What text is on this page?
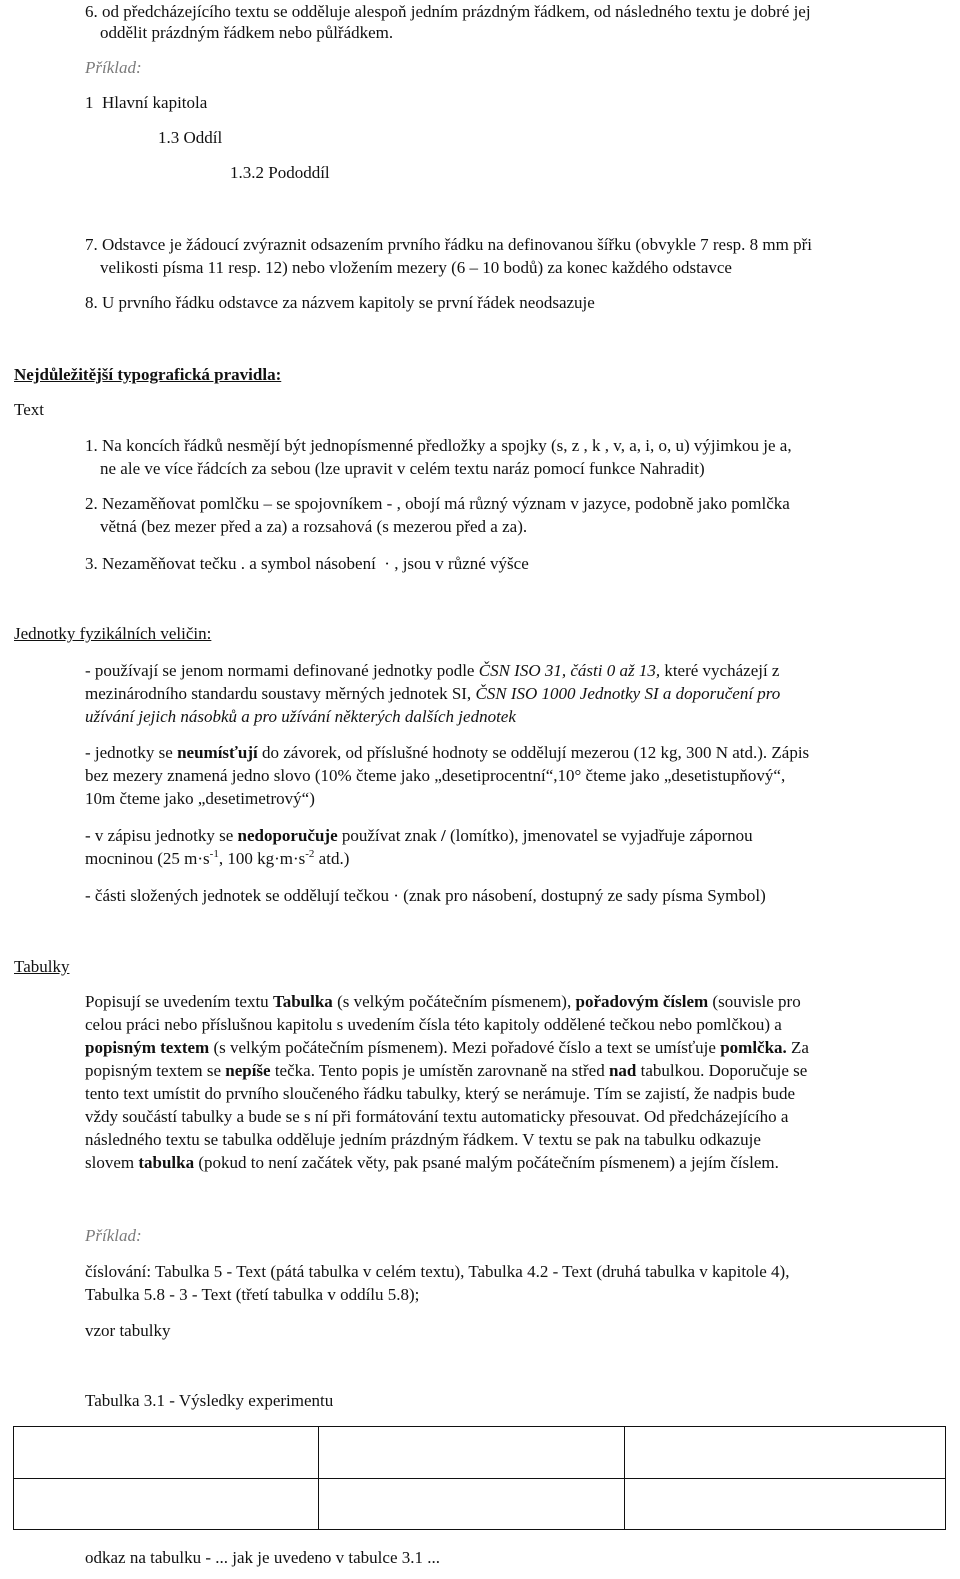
6. od předcházejícího textu se odděluje alespoň jedním prázdným řádkem, od následného textu je dobré jej

oddělit prázdným řádkem nebo půlřádkem.

Příklad:

1  Hlavní kapitola

1.3 Oddíl

1.3.2 Pododdíl

7. Odstavce je žádoucí zvýraznit odsazením prvního řádku na definovanou šířku (obvykle 7 resp. 8 mm při

velikosti písma 11 resp. 12) nebo vložením mezery (6 – 10 bodů) za konec každého odstavce

8. U prvního řádku odstavce za názvem kapitoly se první řádek neodsazuje

Nejdůležitější typografická pravidla:

Text

1. Na koncích řádků nesmějí být jednopísmenné předložky a spojky (s, z , k , v, a, i, o, u) výjimkou je a,

ne ale ve více řádcích za sebou (lze upravit v celém textu naráz pomocí funkce Nahradit)

2. Nezaměňovat pomlčku – se spojovníkem - , obojí má různý význam v jazyce, podobně jako pomlčka

větná (bez mezer před a za) a rozsahová (s mezerou před a za).

3. Nezaměňovat tečku . a symbol násobení  · , jsou v různé výšce

Jednotky fyzikálních veličin:

- používají se jenom normami definované jednotky podle ČSN ISO 31, části 0 až 13, které vycházejí z
mezinárodního standardu soustavy měrných jednotek SI, ČSN ISO 1000 Jednotky SI a doporučení pro
užívání jejich násobků a pro užívání některých dalších jednotek
- jednotky se neumísťují do závorek, od příslušné hodnoty se oddělují mezerou (12 kg, 300 N atd.). Zápis
bez mezery znamená jedno slovo (10% čteme jako „desetiprocentní“,10° čteme jako „desetistupňový“,
10m čteme jako „desetimetrový“)
- v zápisu jednotky se nedoporučuje používat znak / (lomítko), jmenovatel se vyjadřuje zápornou
mocninou (25 $m\cdot s^{-1}$, 100 $kg\cdot m\cdot s^{-2}$ atd.)

- části složených jednotek se oddělují tečkou · (znak pro násobení, dostupný ze sady písma Symbol)

Tabulky

Popisují se uvedením textu Tabulka (s velkým počátečním písmenem), pořadovým číslem (souvisle pro
celou práci nebo příslušnou kapitolu s uvedením čísla této kapitoly oddělené tečkou nebo pomlčkou) a
popisným textem (s velkým počátečním písmenem). Mezi pořadové číslo a text se umísťuje pomlčka. Za
popisným textem se nepíše tečka. Tento popis je umístěn zarovnaně na střed nad tabulkou. Doporučuje se
tento text umístit do prvního sloučeného řádku tabulky, který se nerámuje. Tím se zajistí, že nadpis bude
vždy součástí tabulky a bude se s ní při formátování textu automaticky přesouvat. Od předcházejícího a
následného textu se tabulka odděluje jedním prázdným řádkem. V textu se pak na tabulku odkazuje
slovem tabulka (pokud to není začátek věty, pak psané malým počátečním písmenem) a jejím číslem.

Příklad:

číslování: Tabulka 5 - Text (pátá tabulka v celém textu), Tabulka 4.2 - Text (druhá tabulka v kapitole 4),

Tabulka 5.8 - 3 - Text (třetí tabulka v oddílu 5.8);

vzor tabulky

Tabulka 3.1 - Výsledky experimentu

odkaz na tabulku - ... jak je uvedeno v tabulce 3.1 ...
